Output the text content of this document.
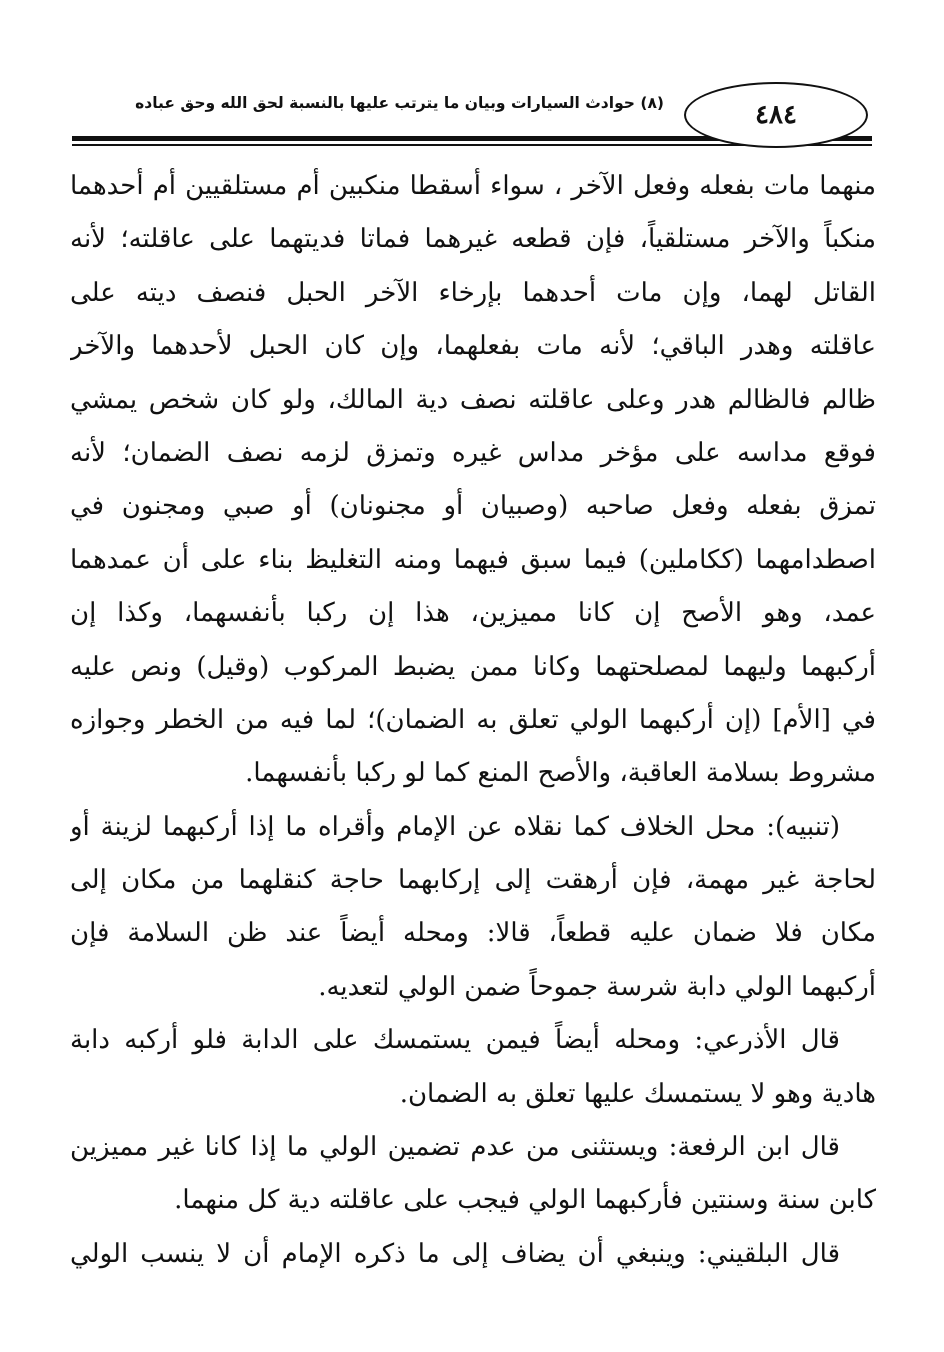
٤٨٤
(٨) حوادث السيارات وبيان ما يترتب عليها بالنسبة لحق الله وحق عباده
منهما مات بفعله وفعل الآخر ، سواء أسقطا منكبين أم مستلقيين أم أحدهما
منكباً والآخر مستلقياً، فإن قطعه غيرهما فماتا فديتهما على عاقلته؛ لأنه
القاتل لهما، وإن مات أحدهما بإرخاء الآخر الحبل فنصف ديته على
عاقلته وهدر الباقي؛ لأنه مات بفعلهما، وإن كان الحبل لأحدهما والآخر
ظالم فالظالم هدر وعلى عاقلته نصف دية المالك، ولو كان شخص يمشي
فوقع مداسه على مؤخر مداس غيره وتمزق لزمه نصف الضمان؛ لأنه
تمزق بفعله وفعل صاحبه (وصبيان أو مجنونان) أو صبي ومجنون في
اصطدامهما (ككاملين) فيما سبق فيهما ومنه التغليظ بناء على أن عمدهما
عمد، وهو الأصح إن كانا مميزين، هذا إن ركبا بأنفسهما، وكذا إن
أركبهما وليهما لمصلحتهما وكانا ممن يضبط المركوب (وقيل) ونص عليه
في [الأم] (إن أركبهما الولي تعلق به الضمان)؛ لما فيه من الخطر وجوازه
مشروط بسلامة العاقبة، والأصح المنع كما لو ركبا بأنفسهما.
(تنبيه): محل الخلاف كما نقلاه عن الإمام وأقراه ما إذا أركبهما لزينة أو
لحاجة غير مهمة، فإن أرهقت إلى إركابهما حاجة كنقلهما من مكان إلى
مكان فلا ضمان عليه قطعاً، قالا: ومحله أيضاً عند ظن السلامة فإن
أركبهما الولي دابة شرسة جموحاً ضمن الولي لتعديه.
قال الأذرعي: ومحله أيضاً فيمن يستمسك على الدابة فلو أركبه دابة
هادية وهو لا يستمسك عليها تعلق به الضمان.
قال ابن الرفعة: ويستثنى من عدم تضمين الولي ما إذا كانا غير مميزين
كابن سنة وسنتين فأركبهما الولي فيجب على عاقلته دية كل منهما.
قال البلقيني: وينبغي أن يضاف إلى ما ذكره الإمام أن لا ينسب الولي
